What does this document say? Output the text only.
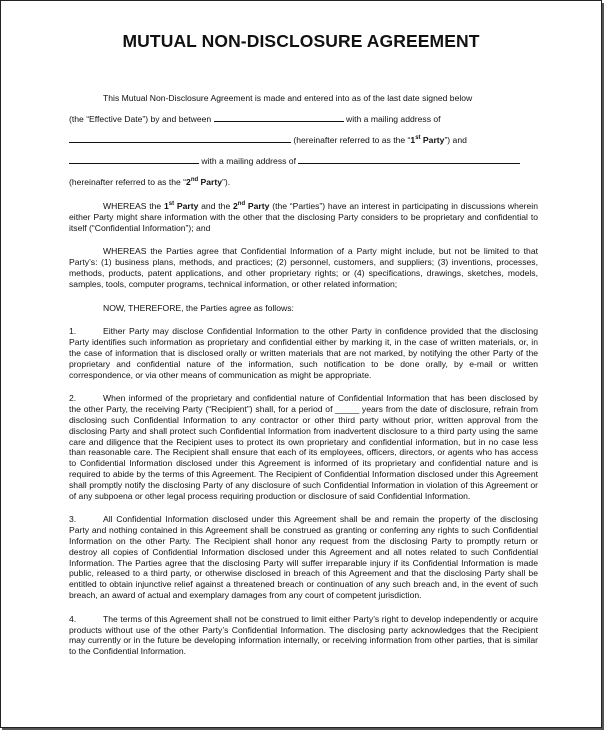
MUTUAL NON-DISCLOSURE AGREEMENT
This Mutual Non-Disclosure Agreement is made and entered into as of the last date signed below
(the “Effective Date”) by and between	with a mailing address of
(hereinafter referred to as the “1st Party”) and
with a mailing address of
(hereinafter referred to as the “2nd Party”).

WHEREAS the 1st Party and the 2nd Party (the “Parties”) have an interest in participating in discussions wherein either Party might share information with the other that the disclosing Party considers to be proprietary and confidential to itself (“Confidential Information”); and

WHEREAS the Parties agree that Confidential Information of a Party might include, but not be limited to that Party’s: (1) business plans, methods, and practices; (2) personnel, customers, and suppliers; (3) inventions, processes, methods, products, patent applications, and other proprietary rights; or (4) specifications, drawings, sketches, models, samples, tools, computer programs, technical information, or other related information;

NOW, THEREFORE, the Parties agree as follows:

1.	Either Party may disclose Confidential Information to the other Party in confidence provided that the disclosing Party identifies such information as proprietary and confidential either by marking it, in the case of written materials, or, in the case of information that is disclosed orally or written materials that are not marked, by notifying the other Party of the proprietary and confidential nature of the information, such notification to be done orally, by e-mail or written correspondence, or via other means of communication as might be appropriate.

2.	When informed of the proprietary and confidential nature of Confidential Information that has been disclosed by the other Party, the receiving Party (“Recipient”) shall, for a period of _____ years from the date of disclosure, refrain from disclosing such Confidential Information to any contractor or other third party without prior, written approval from the disclosing Party and shall protect such Confidential Information from inadvertent disclosure to a third party using the same care and diligence that the Recipient uses to protect its own proprietary and confidential information, but in no case less than reasonable care. The Recipient shall ensure that each of its employees, officers, directors, or agents who has access to Confidential Information disclosed under this Agreement is informed of its proprietary and confidential nature and is required to abide by the terms of this Agreement. The Recipient of Confidential Information disclosed under this Agreement shall promptly notify the disclosing Party of any disclosure of such Confidential Information in violation of this Agreement or of any subpoena or other legal process requiring production or disclosure of said Confidential Information.

3.	All Confidential Information disclosed under this Agreement shall be and remain the property of the disclosing Party and nothing contained in this Agreement shall be construed as granting or conferring any rights to such Confidential Information on the other Party. The Recipient shall honor any request from the disclosing Party to promptly return or destroy all copies of Confidential Information disclosed under this Agreement and all notes related to such Confidential Information. The Parties agree that the disclosing Party will suffer irreparable injury if its Confidential Information is made public, released to a third party, or otherwise disclosed in breach of this Agreement and that the disclosing Party shall be entitled to obtain injunctive relief against a threatened breach or continuation of any such breach and, in the event of such breach, an award of actual and exemplary damages from any court of competent jurisdiction.

4.	The terms of this Agreement shall not be construed to limit either Party’s right to develop independently or acquire products without use of the other Party’s Confidential Information. The disclosing party acknowledges that the Recipient may currently or in the future be developing information internally, or receiving information from other parties, that is similar to the Confidential Information.
